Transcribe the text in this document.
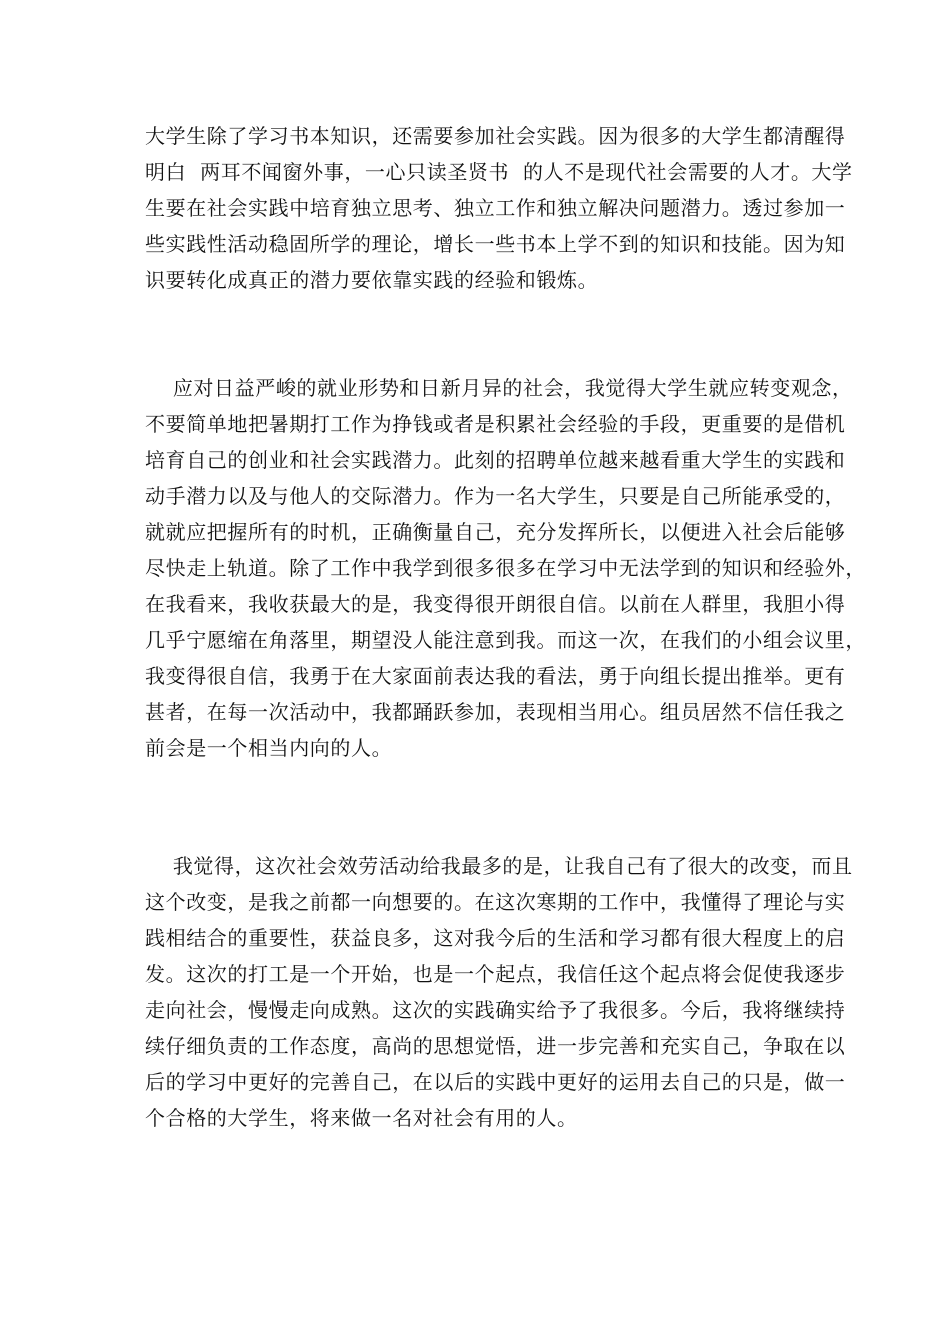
大学生除了学习书本知识，还需要参加社会实践。因为很多的大学生都清醒得
明白  两耳不闻窗外事，一心只读圣贤书  的人不是现代社会需要的人才。大学
生要在社会实践中培育独立思考、独立工作和独立解决问题潜力。透过参加一
些实践性活动稳固所学的理论，增长一些书本上学不到的知识和技能。因为知
识要转化成真正的潜力要依靠实践的经验和锻炼。

应对日益严峻的就业形势和日新月异的社会，我觉得大学生就应转变观念，
不要简单地把暑期打工作为挣钱或者是积累社会经验的手段，更重要的是借机
培育自己的创业和社会实践潜力。此刻的招聘单位越来越看重大学生的实践和
动手潜力以及与他人的交际潜力。作为一名大学生，只要是自己所能承受的，
就就应把握所有的时机，正确衡量自己，充分发挥所长，以便进入社会后能够
尽快走上轨道。除了工作中我学到很多很多在学习中无法学到的知识和经验外，
在我看来，我收获最大的是，我变得很开朗很自信。以前在人群里，我胆小得
几乎宁愿缩在角落里，期望没人能注意到我。而这一次，在我们的小组会议里，
我变得很自信，我勇于在大家面前表达我的看法，勇于向组长提出推举。更有
甚者，在每一次活动中，我都踊跃参加，表现相当用心。组员居然不信任我之
前会是一个相当内向的人。

我觉得，这次社会效劳活动给我最多的是，让我自己有了很大的改变，而且
这个改变，是我之前都一向想要的。在这次寒期的工作中，我懂得了理论与实
践相结合的重要性，获益良多，这对我今后的生活和学习都有很大程度上的启
发。这次的打工是一个开始，也是一个起点，我信任这个起点将会促使我逐步
走向社会，慢慢走向成熟。这次的实践确实给予了我很多。今后，我将继续持
续仔细负责的工作态度，高尚的思想觉悟，进一步完善和充实自己，争取在以
后的学习中更好的完善自己，在以后的实践中更好的运用去自己的只是，做一
个合格的大学生，将来做一名对社会有用的人。
